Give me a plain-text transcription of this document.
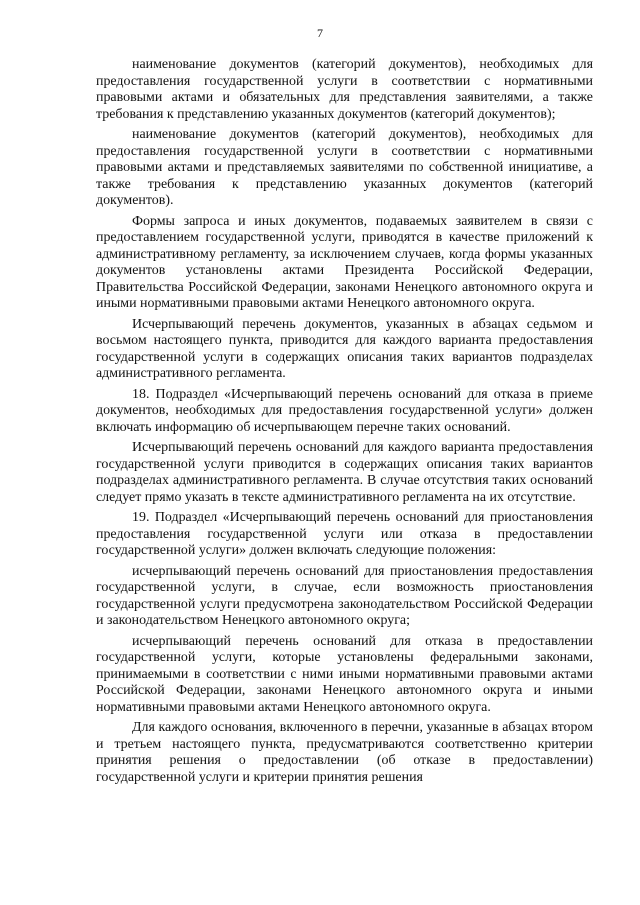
7

наименование документов (категорий документов), необходимых для предоставления государственной услуги в соответствии с нормативными правовыми актами и обязательных для представления заявителями, а также требования к представлению указанных документов (категорий документов);

наименование документов (категорий документов), необходимых для предоставления государственной услуги в соответствии с нормативными правовыми актами и представляемых заявителями по собственной инициативе, а также требования к представлению указанных документов (категорий документов).

Формы запроса и иных документов, подаваемых заявителем в связи с предоставлением государственной услуги, приводятся в качестве приложений к административному регламенту, за исключением случаев, когда формы указанных документов установлены актами Президента Российской Федерации, Правительства Российской Федерации, законами Ненецкого автономного округа и иными нормативными правовыми актами Ненецкого автономного округа.

Исчерпывающий перечень документов, указанных в абзацах седьмом и восьмом настоящего пункта, приводится для каждого варианта предоставления государственной услуги в содержащих описания таких вариантов подразделах административного регламента.

18. Подраздел «Исчерпывающий перечень оснований для отказа в приеме документов, необходимых для предоставления государственной услуги» должен включать информацию об исчерпывающем перечне таких оснований.

Исчерпывающий перечень оснований для каждого варианта предоставления государственной услуги приводится в содержащих описания таких вариантов подразделах административного регламента. В случае отсутствия таких оснований следует прямо указать в тексте административного регламента на их отсутствие.

19. Подраздел «Исчерпывающий перечень оснований для приостановления предоставления государственной услуги или отказа в предоставлении государственной услуги» должен включать следующие положения:

исчерпывающий перечень оснований для приостановления предоставления государственной услуги, в случае, если возможность приостановления государственной услуги предусмотрена законодательством Российской Федерации и законодательством Ненецкого автономного округа;

исчерпывающий перечень оснований для отказа в предоставлении государственной услуги, которые установлены федеральными законами, принимаемыми в соответствии с ними иными нормативными правовыми актами Российской Федерации, законами Ненецкого автономного округа и иными нормативными правовыми актами Ненецкого автономного округа.

Для каждого основания, включенного в перечни, указанные в абзацах втором и третьем настоящего пункта, предусматриваются соответственно критерии принятия решения о предоставлении (об отказе в предоставлении) государственной услуги и критерии принятия решения
